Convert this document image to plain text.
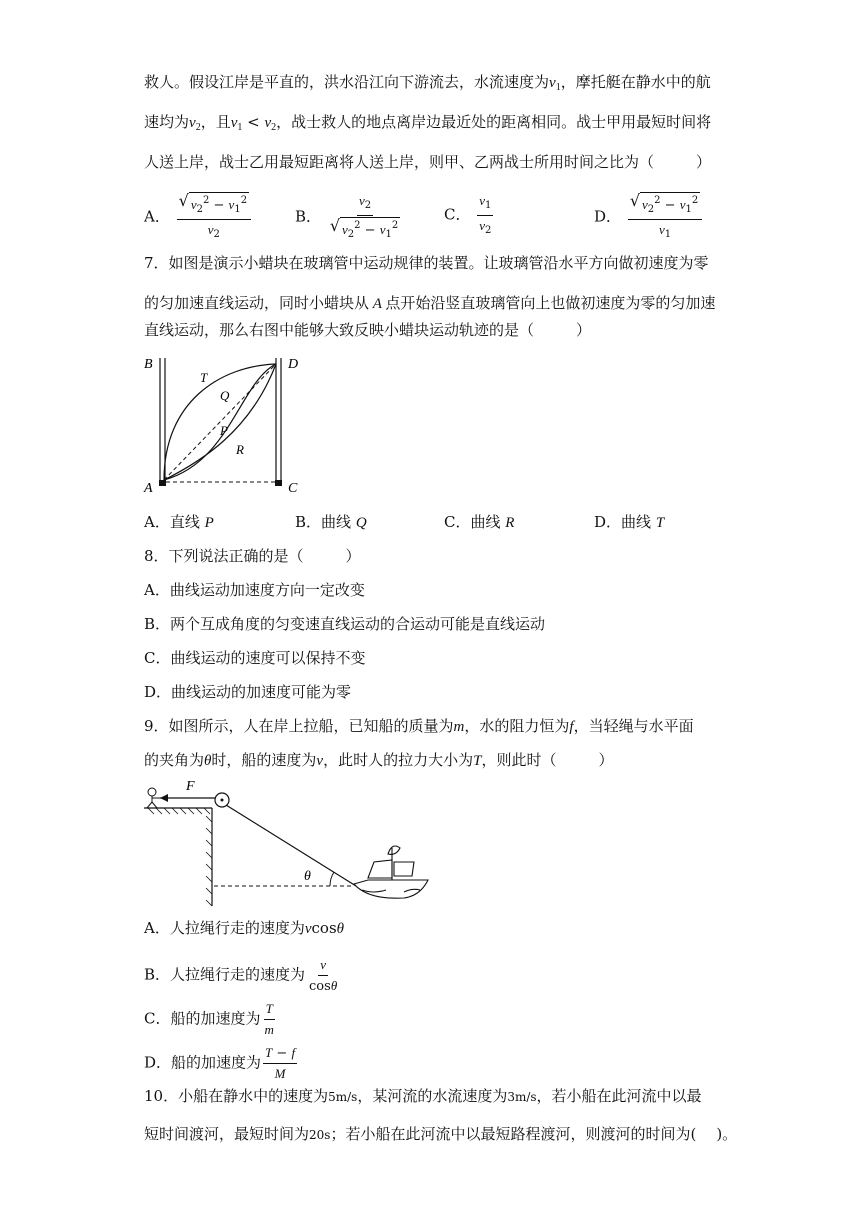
救人。假设江岸是平直的，洪水沿江向下游流去，水流速度为$v_1$，摩托艇在静水中的航
速均为$v_2$，且$v_1 < v_2$，战士救人的地点离岸边最近处的距离相同。战士甲用最短时间将
人送上岸，战士乙用最短距离将人送上岸，则甲、乙两战士所用时间之比为（	）
A． $\frac{√ v_2^2 - v_1^2}{v_2}$	B． $\frac{v_2}{√ v_2^2 - v_1^2}$	C． $\frac{v_1}{v_2}$	D． $\frac{√ v_2^2 - v_1^2}{v_1}$
7．如图是演示小蜡块在玻璃管中运动规律的装置。让玻璃管沿水平方向做初速度为零
的匀加速直线运动，同时小蜡块从 A 点开始沿竖直玻璃管向上也做初速度为零的匀加速
直线运动，那么右图中能够大致反映小蜡块运动轨迹的是（	）
B	D
T
Q
P
R
A	C
A．直线 P	B．曲线 Q	C．曲线 R	D．曲线 T
8．下列说法正确的是（	）
A．曲线运动加速度方向一定改变
B．两个互成角度的匀变速直线运动的合运动可能是直线运动
C．曲线运动的速度可以保持不变
D．曲线运动的加速度可能为零
9．如图所示，人在岸上拉船，已知船的质量为m，水的阻力恒为f，当轻绳与水平面
的夹角为θ时，船的速度为v，此时人的拉力大小为T，则此时（	）
F
θ
A．人拉绳行走的速度为vcosθ
B．人拉绳行走的速度为 $\frac{v}{\cos\theta}$
C．船的加速度为 $\frac{T}{m}$
D．船的加速度为 $\frac{T - f}{M}$
10．小船在静水中的速度为5m/s，某河流的水流速度为3m/s，若小船在此河流中以最
短时间渡河，最短时间为20s；若小船在此河流中以最短路程渡河，则渡河的时间为( )。
